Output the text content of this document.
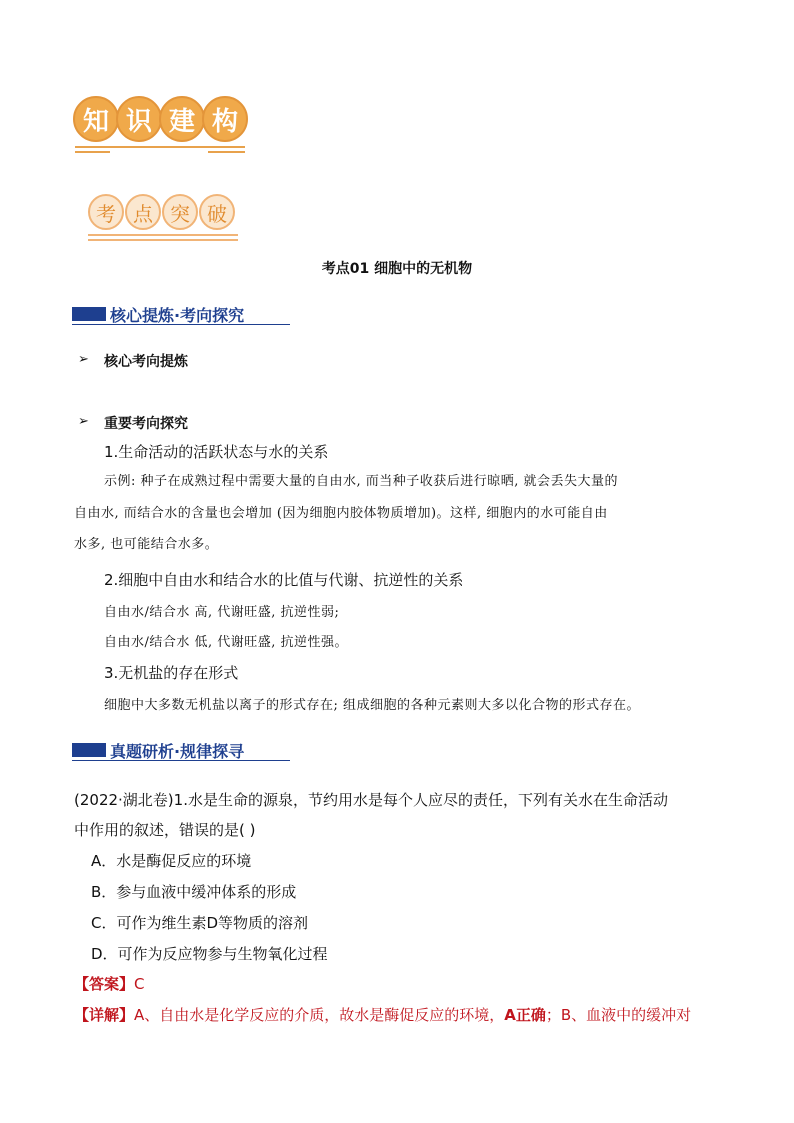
知 识 建 构
考 点 突 破
考点01 细胞中的无机物
核心提炼·考向探究
➢ 核心考向提炼
➢ 重要考向探究
1.生命活动的活跃状态与水的关系
示例: 种子在成熟过程中需要大量的自由水, 而当种子收获后进行晾晒, 就会丢失大量的
自由水, 而结合水的含量也会增加 (因为细胞内胶体物质增加)。这样, 细胞内的水可能自由
水多, 也可能结合水多。
2.细胞中自由水和结合水的比值与代谢、抗逆性的关系
自由水/结合水 高, 代谢旺盛, 抗逆性弱;
自由水/结合水 低, 代谢旺盛, 抗逆性强。
3.无机盐的存在形式
细胞中大多数无机盐以离子的形式存在; 组成细胞的各种元素则大多以化合物的形式存在。
真题研析·规律探寻
(2022·湖北卷)1.水是生命的源泉，节约用水是每个人应尽的责任，下列有关水在生命活动
中作用的叙述，错误的是( )
A．水是酶促反应的环境
B．参与血液中缓冲体系的形成
C．可作为维生素D等物质的溶剂
D．可作为反应物参与生物氧化过程
【答案】C
【详解】A、自由水是化学反应的介质，故水是酶促反应的环境，A正确；B、血液中的缓冲对
